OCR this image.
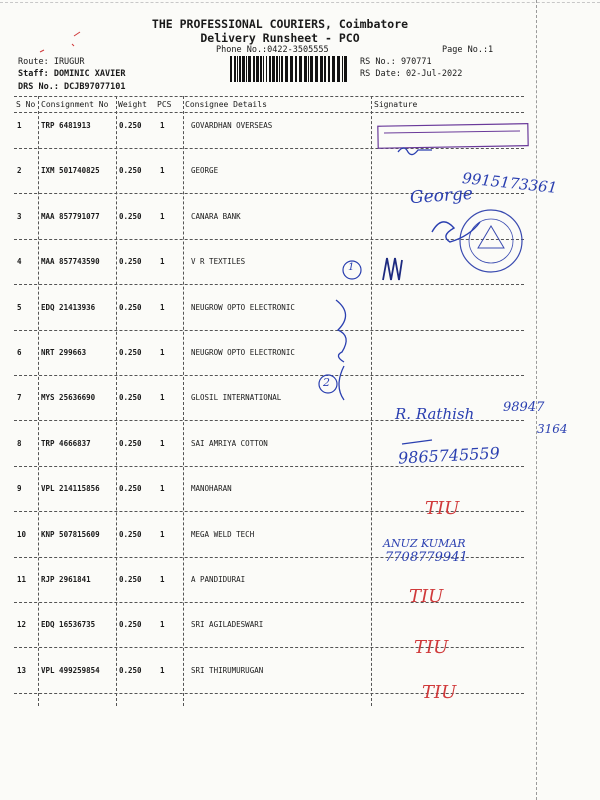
THE PROFESSIONAL COURIERS, Coimbatore
Delivery Runsheet - PCO
Phone No.:0422-3505555	Page No.:1
Route: IRUGUR
Staff: DOMINIC XAVIER
DRS No.: DCJB97077101
RS No.: 970771
RS Date: 02-Jul-2022
S No Consignment No Weight PCS Consignee Details	Signature
1	TRP 6481913	0.250 1	GOVARDHAN OVERSEAS
2	IXM 501740825	0.250 1	GEORGE
3	MAA 857791077	0.250 1	CANARA BANK
4	MAA 857743590	0.250 1	V R TEXTILES
5	EDQ 21413936	0.250 1	NEUGROW OPTO ELECTRONIC
6	NRT 299663	0.250 1	NEUGROW OPTO ELECTRONIC
7	MYS 25636690	0.250 1	GLOSIL INTERNATIONAL
8	TRP 4666837	0.250 1	SAI AMRIYA COTTON
9	VPL 214115856	0.250 1	MANOHARAN
10 KNP 507815609	0.250 1	MEGA WELD TECH
11 RJP 2961841	0.250 1	A PANDIDURAI
12 EDQ 16536735	0.250 1	SRI AGILADESWARI
13 VPL 499259854	0.250 1	SRI THIRUMURUGAN
9915173361
George
1
2
R. Rathish 98947
3164
9865745559
TIU
ANUZ KUMAR
7708779941
TIU
TIU
TIU
